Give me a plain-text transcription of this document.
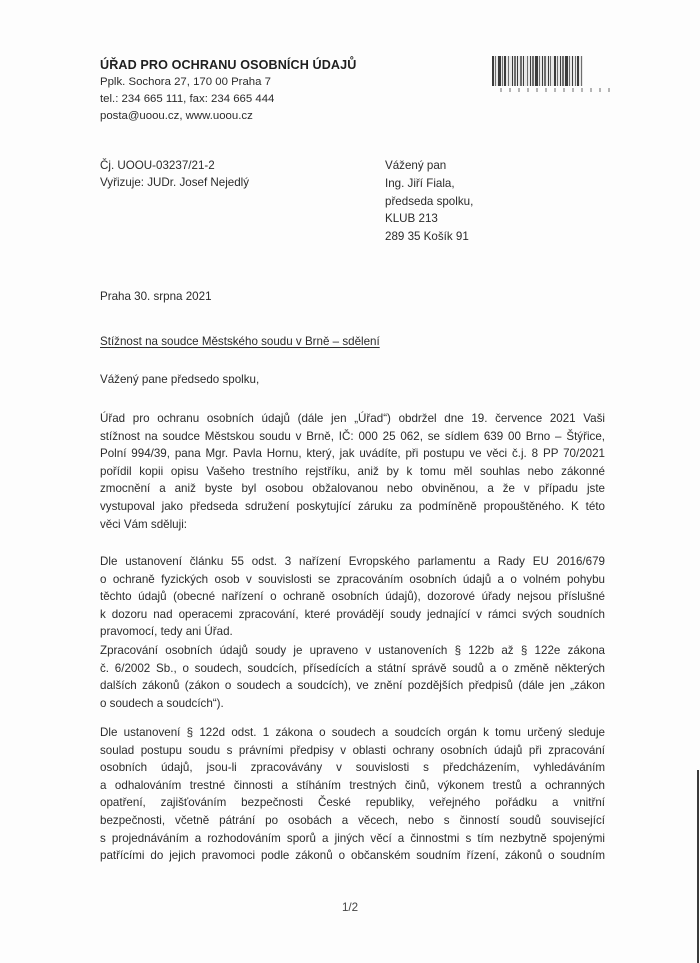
ÚŘAD PRO OCHRANU OSOBNÍCH ÚDAJŮ
Pplk. Sochora 27, 170 00 Praha 7
tel.: 234 665 111, fax: 234 665 444
posta@uoou.cz, www.uoou.cz
Čj. UOOU-03237/21-2
Vyřizuje: JUDr. Josef Nejedlý
Vážený pan
Ing. Jiří Fiala,
předseda spolku,
KLUB 213
289 35 Košík 91
Praha 30. srpna 2021
Stížnost na soudce Městského soudu v Brně – sdělení
Vážený pane předsedo spolku,
Úřad pro ochranu osobních údajů (dále jen „Úřad“) obdržel dne 19. července 2021 Vaši
stížnost na soudce Městskou soudu v Brně, IČ: 000 25 062, se sídlem 639 00 Brno – Štýřice,
Polní 994/39, pana Mgr. Pavla Hornu, který, jak uvádíte, při postupu ve věci č.j. 8 PP 70/2021
pořídil kopii opisu Vašeho trestního rejstříku, aniž by k tomu měl souhlas nebo zákonné
zmocnění a aniž byste byl osobou obžalovanou nebo obviněnou, a že v případu jste
vystupoval jako předseda sdružení poskytující záruku za podmíněně propouštěného. K této
věci Vám sděluji:
Dle ustanovení článku 55 odst. 3 nařízení Evropského parlamentu a Rady EU 2016/679
o ochraně fyzických osob v souvislosti se zpracováním osobních údajů a o volném pohybu
těchto údajů (obecné nařízení o ochraně osobních údajů), dozorové úřady nejsou příslušné
k dozoru nad operacemi zpracování, které provádějí soudy jednající v rámci svých soudních
pravomocí, tedy ani Úřad.
Zpracování osobních údajů soudy je upraveno v ustanoveních § 122b až § 122e zákona
č. 6/2002 Sb., o soudech, soudcích, přísedících a státní správě soudů a o změně některých
dalších zákonů (zákon o soudech a soudcích), ve znění pozdějších předpisů (dále jen „zákon
o soudech a soudcích“).
Dle ustanovení § 122d odst. 1 zákona o soudech a soudcích orgán k tomu určený sleduje
soulad postupu soudu s právními předpisy v oblasti ochrany osobních údajů při zpracování
osobních údajů, jsou-li zpracovávány v souvislosti s předcházením, vyhledáváním
a odhalováním trestné činnosti a stíháním trestných činů, výkonem trestů a ochranných
opatření, zajišťováním bezpečnosti České republiky, veřejného pořádku a vnitřní
bezpečnosti, včetně pátrání po osobách a věcech, nebo s činností soudů související
s projednáváním a rozhodováním sporů a jiných věcí a činnostmi s tím nezbytně spojenými
patřícími do jejich pravomoci podle zákonů o občanském soudním řízení, zákonů o soudním
1/2
